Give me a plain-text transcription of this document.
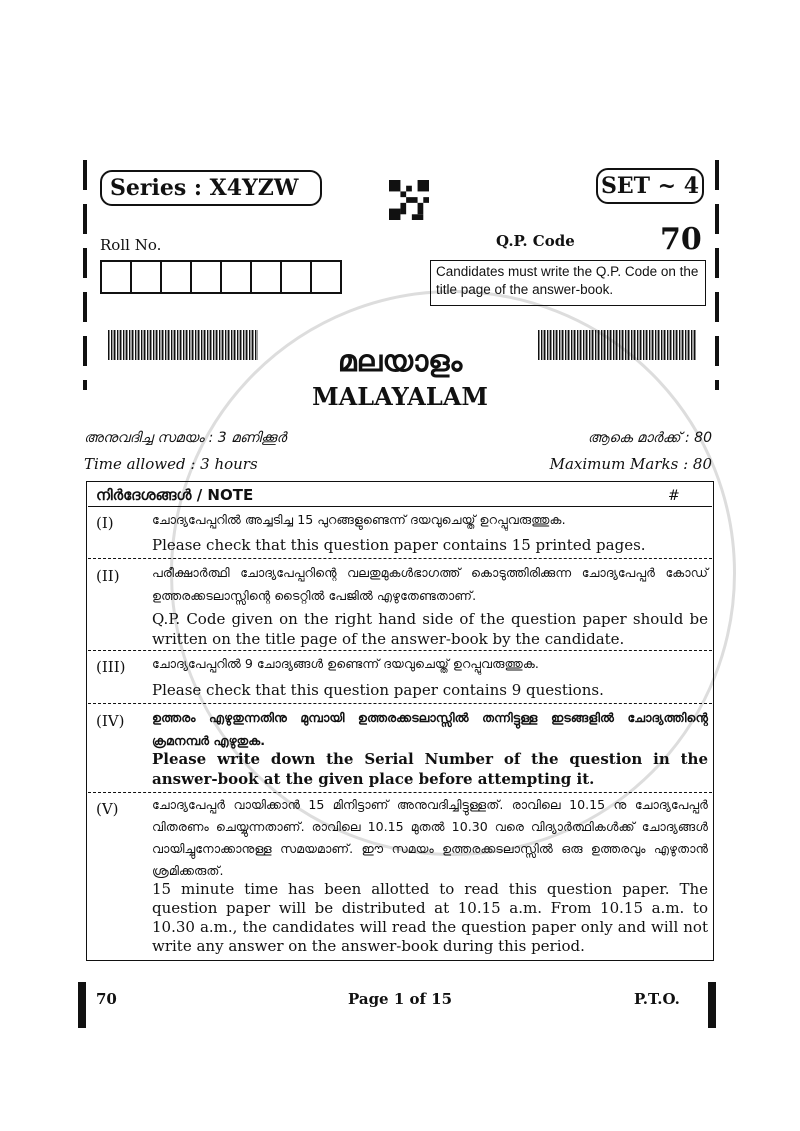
Series : X4YZW	SET ~ 4
Roll No.	Q.P. Code	70
Candidates must write the Q.P. Code on the title page of the answer-book.
മലയാളം
MALAYALAM
അനുവദിച്ച സമയം : 3 മണിക്കൂർ	ആകെ മാർക്ക് : 80
Time allowed : 3 hours	Maximum Marks : 80
നിർദേശങ്ങൾ / NOTE	#
(I)	ചോദ്യപേപ്പറിൽ അച്ചടിച്ച 15 പുറങ്ങളുണ്ടെന്ന് ദയവുചെയ്ത് ഉറപ്പുവരുത്തുക.
Please check that this question paper contains 15 printed pages.
(II)	പരീക്ഷാർത്ഥി ചോദ്യപേപ്പറിന്റെ വലതുമുകൾഭാഗത്ത് കൊടുത്തിരിക്കുന്ന ചോദ്യപേപ്പർ കോഡ് ഉത്തരക്കടലാസ്സിന്റെ ടൈറ്റിൽ പേജിൽ എഴുതേണ്ടതാണ്.
Q.P. Code given on the right hand side of the question paper should be written on the title page of the answer-book by the candidate.
(III) ചോദ്യപേപ്പറിൽ 9 ചോദ്യങ്ങൾ ഉണ്ടെന്ന് ദയവുചെയ്ത് ഉറപ്പുവരുത്തുക.
Please check that this question paper contains 9 questions.
(IV) ഉത്തരം എഴുതുന്നതിനു മുമ്പായി ഉത്തരക്കടലാസ്സിൽ തന്നിട്ടുള്ള ഇടങ്ങളിൽ ചോദ്യത്തിന്റെ ക്രമനമ്പർ എഴുതുക.
Please write down the Serial Number of the question in the answer-book at the given place before attempting it.
(V)	ചോദ്യപേപ്പർ വായിക്കാൻ 15 മിനിട്ടാണ് അനുവദിച്ചിട്ടുള്ളത്. രാവിലെ 10.15 നു ചോദ്യപേപ്പർ വിതരണം ചെയ്യുന്നതാണ്. രാവിലെ 10.15 മുതൽ 10.30 വരെ വിദ്യാർത്ഥികൾക്ക് ചോദ്യങ്ങൾ വായിച്ചുനോക്കാനുള്ള സമയമാണ്. ഈ സമയം ഉത്തരക്കടലാസ്സിൽ ഒരു ഉത്തരവും എഴുതാൻ ശ്രമിക്കരുത്.
15 minute time has been allotted to read this question paper. The question paper will be distributed at 10.15 a.m. From 10.15 a.m. to 10.30 a.m., the candidates will read the question paper only and will not write any answer on the answer-book during this period.
70	Page 1 of 15	P.T.O.
